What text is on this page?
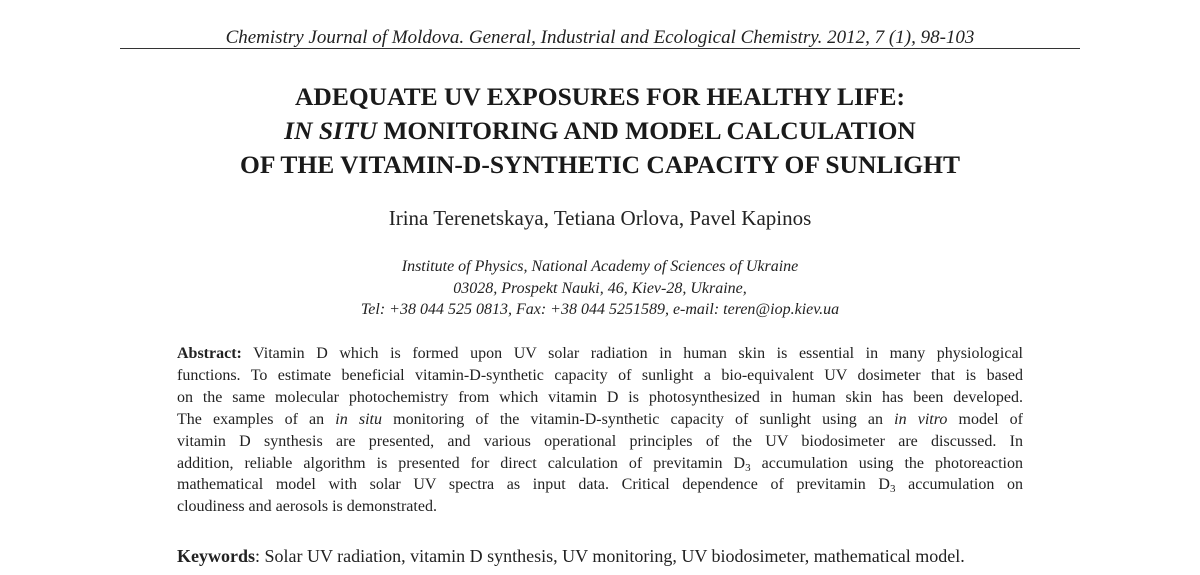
Chemistry Journal of Moldova. General, Industrial and Ecological Chemistry. 2012, 7 (1), 98-103
ADEQUATE UV EXPOSURES FOR HEALTHY LIFE:
IN SITU MONITORING AND MODEL CALCULATION
OF THE VITAMIN-D-SYNTHETIC CAPACITY OF SUNLIGHT
Irina Terenetskaya, Tetiana Orlova, Pavel Kapinos
Institute of Physics, National Academy of Sciences of Ukraine
03028, Prospekt Nauki, 46, Kiev-28, Ukraine,
Tel: +38 044 525 0813, Fax: +38 044 5251589, e-mail: teren@iop.kiev.ua
Abstract: Vitamin D which is formed upon UV solar radiation in human skin is essential in many physiological
functions. To estimate beneficial vitamin-D-synthetic capacity of sunlight a bio-equivalent UV dosimeter that is based
on the same molecular photochemistry from which vitamin D is photosynthesized in human skin has been developed.
The examples of an in situ monitoring of the vitamin-D-synthetic capacity of sunlight using an in vitro model of
vitamin D synthesis are presented, and various operational principles of the UV biodosimeter are discussed. In
addition, reliable algorithm is presented for direct calculation of previtamin $D_3$ accumulation using the photoreaction
mathematical model with solar UV spectra as input data. Critical dependence of previtamin $D_3$ accumulation on
cloudiness and aerosols is demonstrated.
Keywords: Solar UV radiation, vitamin D synthesis, UV monitoring, UV biodosimeter, mathematical model.
